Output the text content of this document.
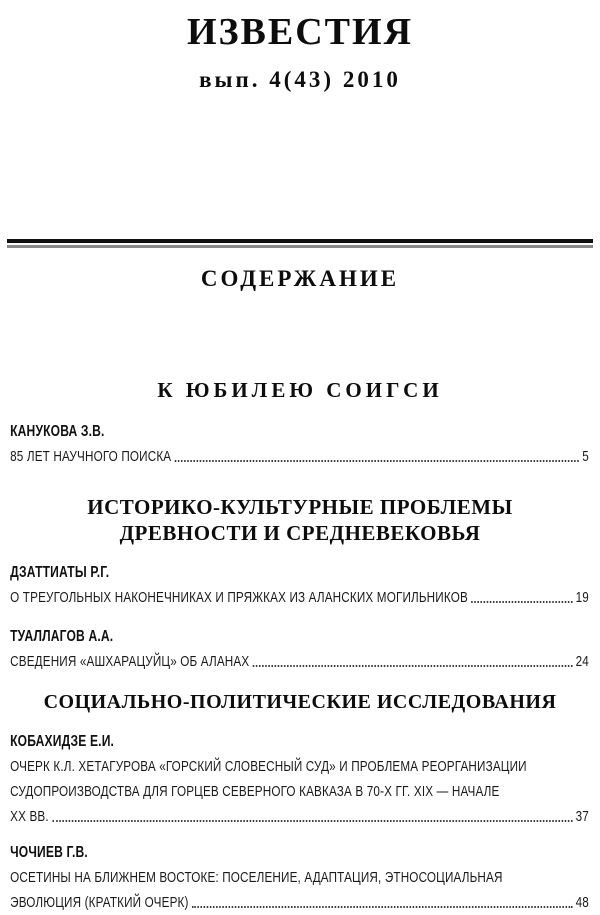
ИЗВЕСТИЯ
вып. 4(43) 2010
СОДЕРЖАНИЕ
К ЮБИЛЕЮ СОИГСИ
КАНУКОВА З.В.
85 ЛЕТ НАУЧНОГО ПОИСКА	5
ИСТОРИКО-КУЛЬТУРНЫЕ ПРОБЛЕМЫ
ДРЕВНОСТИ И СРЕДНЕВЕКОВЬЯ
ДЗАТТИАТЫ Р.Г.
О ТРЕУГОЛЬНЫХ НАКОНЕЧНИКАХ И ПРЯЖКАХ ИЗ АЛАНСКИХ МОГИЛЬНИКОВ	19
ТУАЛЛАГОВ А.А.
СВЕДЕНИЯ «АШХАРАЦУЙЦ» ОБ АЛАНАХ	24
СОЦИАЛЬНО-ПОЛИТИЧЕСКИЕ ИССЛЕДОВАНИЯ
КОБАХИДЗЕ Е.И.
ОЧЕРК К.Л. ХЕТАГУРОВА «ГОРСКИЙ СЛОВЕСНЫЙ СУД» И ПРОБЛЕМА РЕОРГАНИЗАЦИИ
СУДОПРОИЗВОДСТВА ДЛЯ ГОРЦЕВ СЕВЕРНОГО КАВКАЗА В 70-Х ГГ. XIX — НАЧАЛЕ
XX ВВ.	37
ЧОЧИЕВ Г.В.
ОСЕТИНЫ НА БЛИЖНЕМ ВОСТОКЕ: ПОСЕЛЕНИЕ, АДАПТАЦИЯ, ЭТНОСОЦИАЛЬНАЯ
ЭВОЛЮЦИЯ (КРАТКИЙ ОЧЕРК)	48
